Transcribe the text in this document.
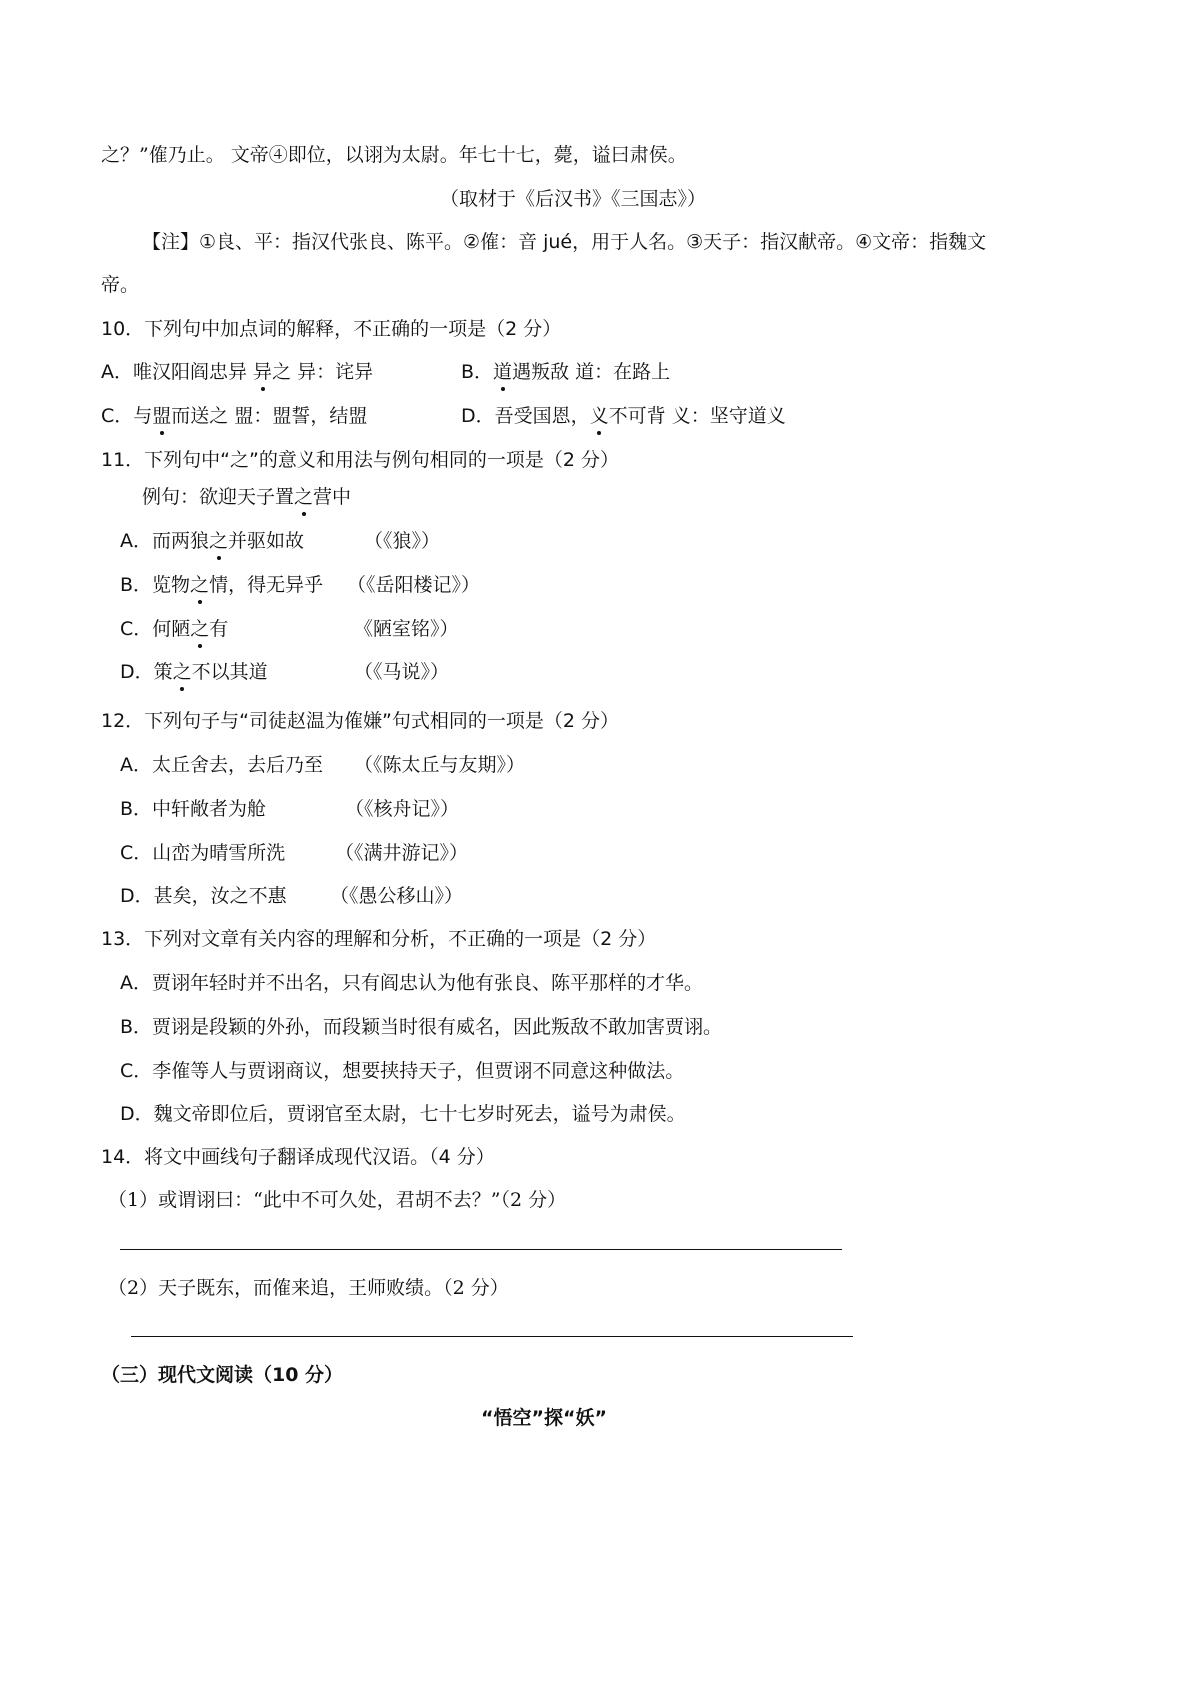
之？”傕乃止。 文帝④即位，以诩为太尉。年七十七，薨，谥曰肃侯。
（取材于《后汉书》《三国志》）
【注】①良、平：指汉代张良、陈平。②傕：音 jué，用于人名。③天子：指汉献帝。④文帝：指魏文
帝。
10．下列句中加点词的解释，不正确的一项是（2 分）
A．唯汉阳阎忠异 异之 异：诧异	B．道遇叛敌 道：在路上
C．与盟而送之 盟：盟誓，结盟	D．吾受国恩，义不可背 义：坚守道义
11．下列句中“之”的意义和用法与例句相同的一项是（2 分）
例句：欲迎天子置之营中
A．而两狼之并驱如故	（《狼》）
B．览物之情，得无异乎 （《岳阳楼记》）
C．何陋之有	《陋室铭》）
D．策之不以其道	（《马说》）
12．下列句子与“司徒赵温为傕嫌”句式相同的一项是（2 分）
A．太丘舍去，去后乃至 （《陈太丘与友期》）
B．中轩敞者为舱	（《核舟记》）
C．山峦为晴雪所洗	（《满井游记》）
D．甚矣，汝之不惠 （《愚公移山》）
13．下列对文章有关内容的理解和分析，不正确的一项是（2 分）
A．贾诩年轻时并不出名，只有阎忠认为他有张良、陈平那样的才华。
B．贾诩是段颖的外孙，而段颖当时很有威名，因此叛敌不敢加害贾诩。
C．李傕等人与贾诩商议，想要挟持天子，但贾诩不同意这种做法。
D．魏文帝即位后，贾诩官至太尉，七十七岁时死去，谥号为肃侯。
14．将文中画线句子翻译成现代汉语。（4 分）
（1）或谓诩曰：“此中不可久处，君胡不去？”（2 分）
（2）天子既东，而傕来追，王师败绩。（2 分）
（三）现代文阅读（10 分）
“悟空”探“妖”
